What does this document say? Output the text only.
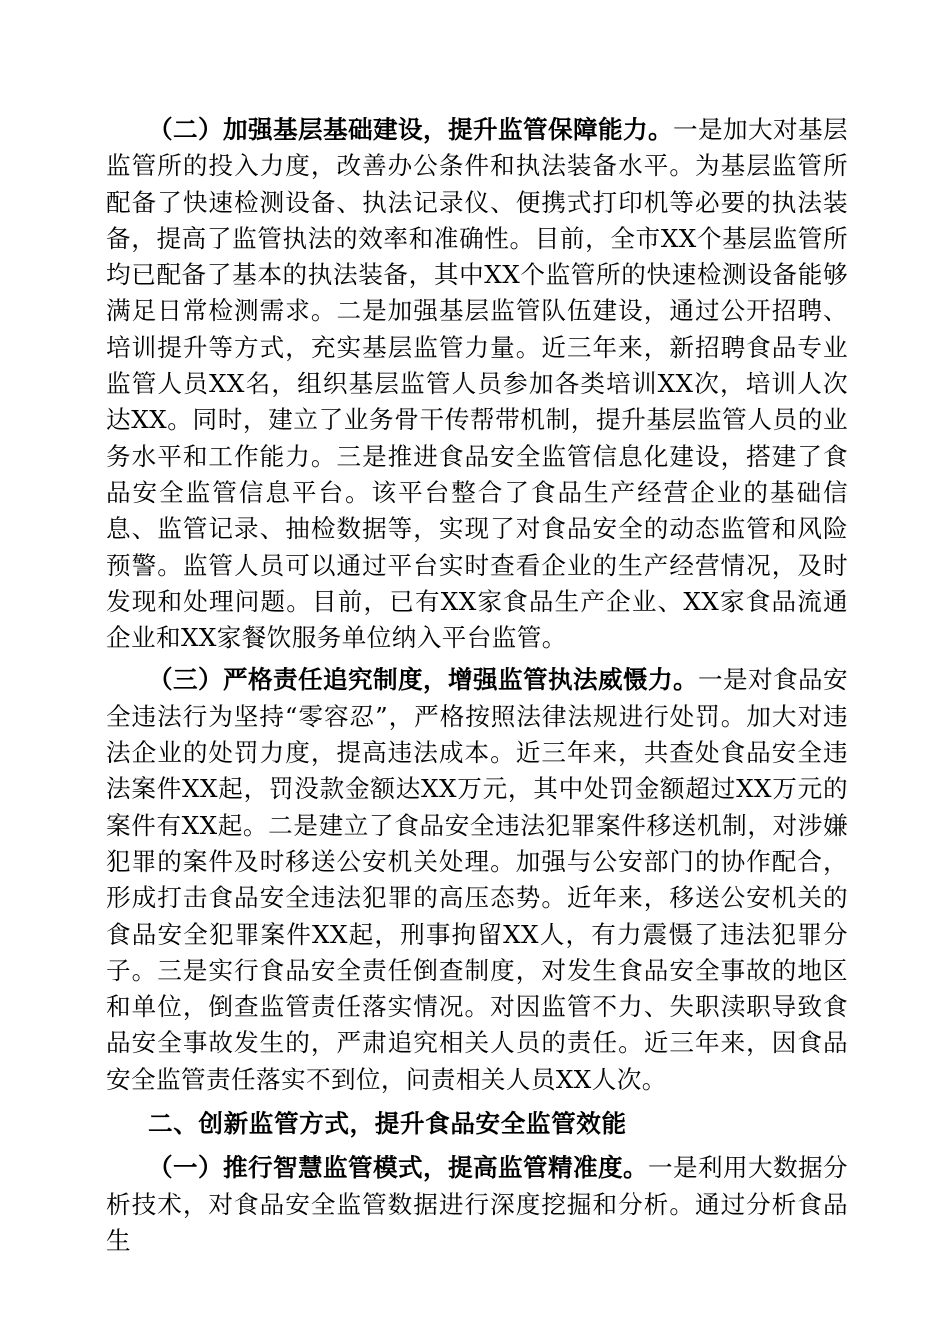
（二）加强基层基础建设，提升监管保障能力。一是加大对基层监管所的投入力度，改善办公条件和执法装备水平。为基层监管所配备了快速检测设备、执法记录仪、便携式打印机等必要的执法装备，提高了监管执法的效率和准确性。目前，全市XX个基层监管所均已配备了基本的执法装备，其中XX个监管所的快速检测设备能够满足日常检测需求。二是加强基层监管队伍建设，通过公开招聘、培训提升等方式，充实基层监管力量。近三年来，新招聘食品专业监管人员XX名，组织基层监管人员参加各类培训XX次，培训人次达XX。同时，建立了业务骨干传帮带机制，提升基层监管人员的业务水平和工作能力。三是推进食品安全监管信息化建设，搭建了食品安全监管信息平台。该平台整合了食品生产经营企业的基础信息、监管记录、抽检数据等，实现了对食品安全的动态监管和风险预警。监管人员可以通过平台实时查看企业的生产经营情况，及时发现和处理问题。目前，已有XX家食品生产企业、XX家食品流通企业和XX家餐饮服务单位纳入平台监管。

（三）严格责任追究制度，增强监管执法威慑力。一是对食品安全违法行为坚持“零容忍”，严格按照法律法规进行处罚。加大对违法企业的处罚力度，提高违法成本。近三年来，共查处食品安全违法案件XX起，罚没款金额达XX万元，其中处罚金额超过XX万元的案件有XX起。二是建立了食品安全违法犯罪案件移送机制，对涉嫌犯罪的案件及时移送公安机关处理。加强与公安部门的协作配合，形成打击食品安全违法犯罪的高压态势。近年来，移送公安机关的食品安全犯罪案件XX起，刑事拘留XX人，有力震慑了违法犯罪分子。三是实行食品安全责任倒查制度，对发生食品安全事故的地区和单位，倒查监管责任落实情况。对因监管不力、失职渎职导致食品安全事故发生的，严肃追究相关人员的责任。近三年来，因食品安全监管责任落实不到位，问责相关人员XX人次。

二、创新监管方式，提升食品安全监管效能

（一）推行智慧监管模式，提高监管精准度。一是利用大数据分析技术，对食品安全监管数据进行深度挖掘和分析。通过分析食品生
